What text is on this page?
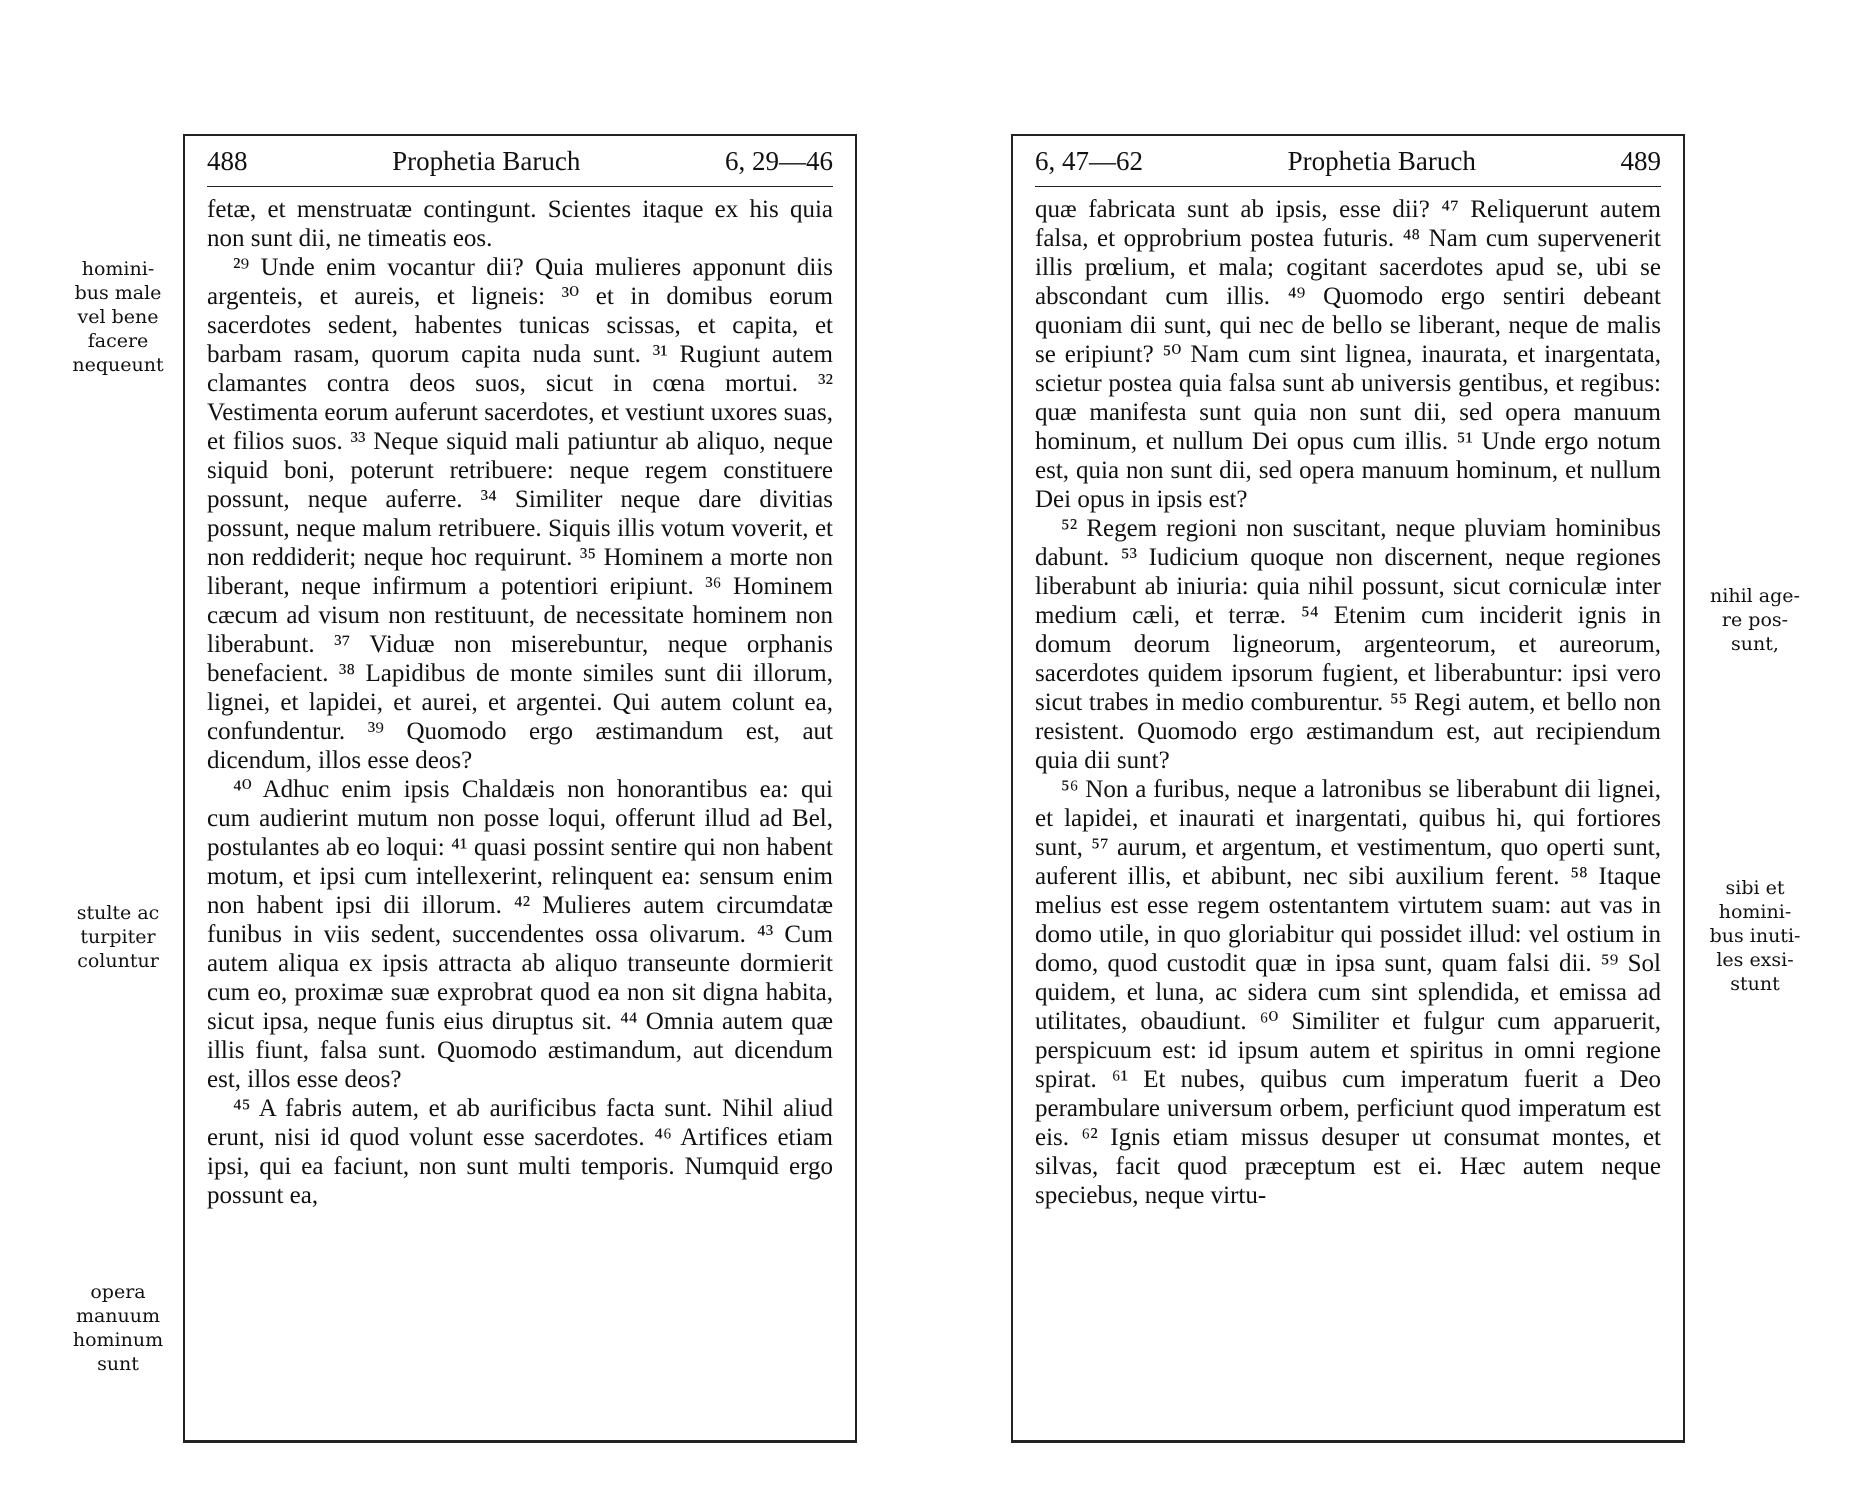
homini-
bus male
vel bene
facere
nequeunt
stulte ac
turpiter
coluntur
opera
manuum
hominum
sunt
nihil age-
re pos-
sunt,
sibi et
homini-
bus inuti-
les exsi-
stunt
488	Prophetia Baruch	6, 29—46

fetæ, et menstruatæ contingunt. Scientes itaque ex his quia non sunt dii, ne timeatis eos.

²⁹ Unde enim vocantur dii? Quia mulieres apponunt diis argenteis, et aureis, et ligneis: ³⁰ et in domibus eorum sacerdotes sedent, habentes tunicas scissas, et capita, et barbam rasam, quorum capita nuda sunt. ³¹ Rugiunt autem clamantes contra deos suos, sicut in cœna mortui. ³² Vestimenta eorum auferunt sacerdotes, et vestiunt uxores suas, et filios suos. ³³ Neque siquid mali patiuntur ab aliquo, neque siquid boni, poterunt retribuere: neque regem constituere possunt, neque auferre. ³⁴ Similiter neque dare divitias possunt, neque malum retribuere. Siquis illis votum voverit, et non reddiderit; neque hoc requirunt. ³⁵ Hominem a morte non liberant, neque infirmum a potentiori eripiunt. ³⁶ Hominem cæcum ad visum non restituunt, de necessitate hominem non liberabunt. ³⁷ Viduæ non miserebuntur, neque orphanis benefacient. ³⁸ Lapidibus de monte similes sunt dii illorum, lignei, et lapidei, et aurei, et argentei. Qui autem colunt ea, confundentur. ³⁹ Quomodo ergo æstimandum est, aut dicendum, illos esse deos?

⁴⁰ Adhuc enim ipsis Chaldæis non honorantibus ea: qui cum audierint mutum non posse loqui, offerunt illud ad Bel, postulantes ab eo loqui: ⁴¹ quasi possint sentire qui non habent motum, et ipsi cum intellexerint, relinquent ea: sensum enim non habent ipsi dii illorum. ⁴² Mulieres autem circumdatæ funibus in viis sedent, succendentes ossa olivarum. ⁴³ Cum autem aliqua ex ipsis attracta ab aliquo transeunte dormierit cum eo, proximæ suæ exprobrat quod ea non sit digna habita, sicut ipsa, neque funis eius diruptus sit. ⁴⁴ Omnia autem quæ illis fiunt, falsa sunt. Quomodo æstimandum, aut dicendum est, illos esse deos?

⁴⁵ A fabris autem, et ab aurificibus facta sunt. Nihil aliud erunt, nisi id quod volunt esse sacerdotes. ⁴⁶ Artifices etiam ipsi, qui ea faciunt, non sunt multi temporis. Numquid ergo possunt ea,

6, 47—62	Prophetia Baruch	489

quæ fabricata sunt ab ipsis, esse dii? ⁴⁷ Reliquerunt autem falsa, et opprobrium postea futuris. ⁴⁸ Nam cum supervenerit illis prœlium, et mala; cogitant sacerdotes apud se, ubi se abscondant cum illis. ⁴⁹ Quomodo ergo sentiri debeant quoniam dii sunt, qui nec de bello se liberant, neque de malis se eripiunt? ⁵⁰ Nam cum sint lignea, inaurata, et inargentata, scietur postea quia falsa sunt ab universis gentibus, et regibus: quæ manifesta sunt quia non sunt dii, sed opera manuum hominum, et nullum Dei opus cum illis. ⁵¹ Unde ergo notum est, quia non sunt dii, sed opera manuum hominum, et nullum Dei opus in ipsis est?

⁵² Regem regioni non suscitant, neque pluviam hominibus dabunt. ⁵³ Iudicium quoque non discernent, neque regiones liberabunt ab iniuria: quia nihil possunt, sicut corniculæ inter medium cæli, et terræ. ⁵⁴ Etenim cum inciderit ignis in domum deorum ligneorum, argenteorum, et aureorum, sacerdotes quidem ipsorum fugient, et liberabuntur: ipsi vero sicut trabes in medio comburentur. ⁵⁵ Regi autem, et bello non resistent. Quomodo ergo æstimandum est, aut recipiendum quia dii sunt?

⁵⁶ Non a furibus, neque a latronibus se liberabunt dii lignei, et lapidei, et inaurati et inargentati, quibus hi, qui fortiores sunt, ⁵⁷ aurum, et argentum, et vestimentum, quo operti sunt, auferent illis, et abibunt, nec sibi auxilium ferent. ⁵⁸ Itaque melius est esse regem ostentantem virtutem suam: aut vas in domo utile, in quo gloriabitur qui possidet illud: vel ostium in domo, quod custodit quæ in ipsa sunt, quam falsi dii. ⁵⁹ Sol quidem, et luna, ac sidera cum sint splendida, et emissa ad utilitates, obaudiunt. ⁶⁰ Similiter et fulgur cum apparuerit, perspicuum est: id ipsum autem et spiritus in omni regione spirat. ⁶¹ Et nubes, quibus cum imperatum fuerit a Deo perambulare universum orbem, perficiunt quod imperatum est eis. ⁶² Ignis etiam missus desuper ut consumat montes, et silvas, facit quod præceptum est ei. Hæc autem neque speciebus, neque virtu-
